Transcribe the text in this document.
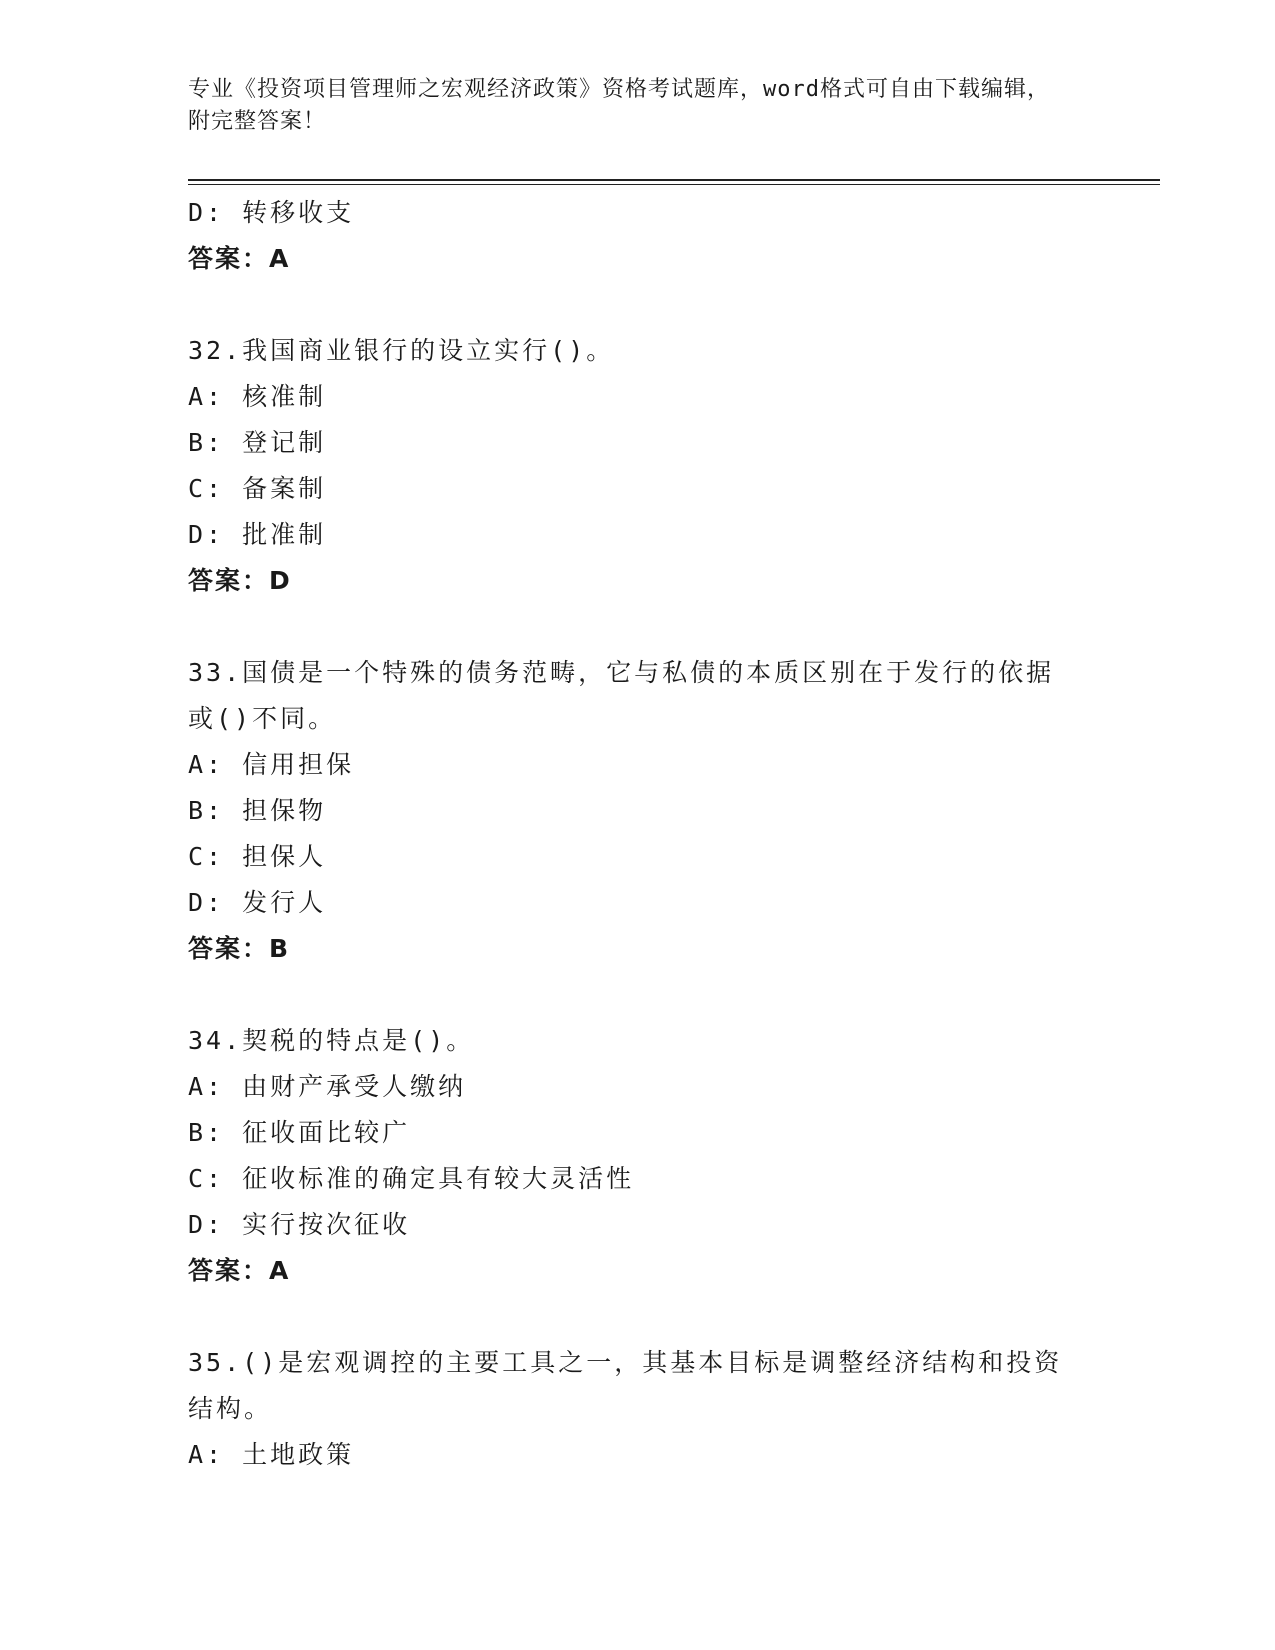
专业《投资项目管理师之宏观经济政策》资格考试题库，word格式可自由下载编辑，附完整答案！
D: 转移收支
答案：A
32.我国商业银行的设立实行()。
A: 核准制
B: 登记制
C: 备案制
D: 批准制
答案：D
33.国债是一个特殊的债务范畴，它与私债的本质区别在于发行的依据或()不同。
A: 信用担保
B: 担保物
C: 担保人
D: 发行人
答案：B
34.契税的特点是()。
A: 由财产承受人缴纳
B: 征收面比较广
C: 征收标准的确定具有较大灵活性
D: 实行按次征收
答案：A
35.()是宏观调控的主要工具之一，其基本目标是调整经济结构和投资结构。
A: 土地政策
